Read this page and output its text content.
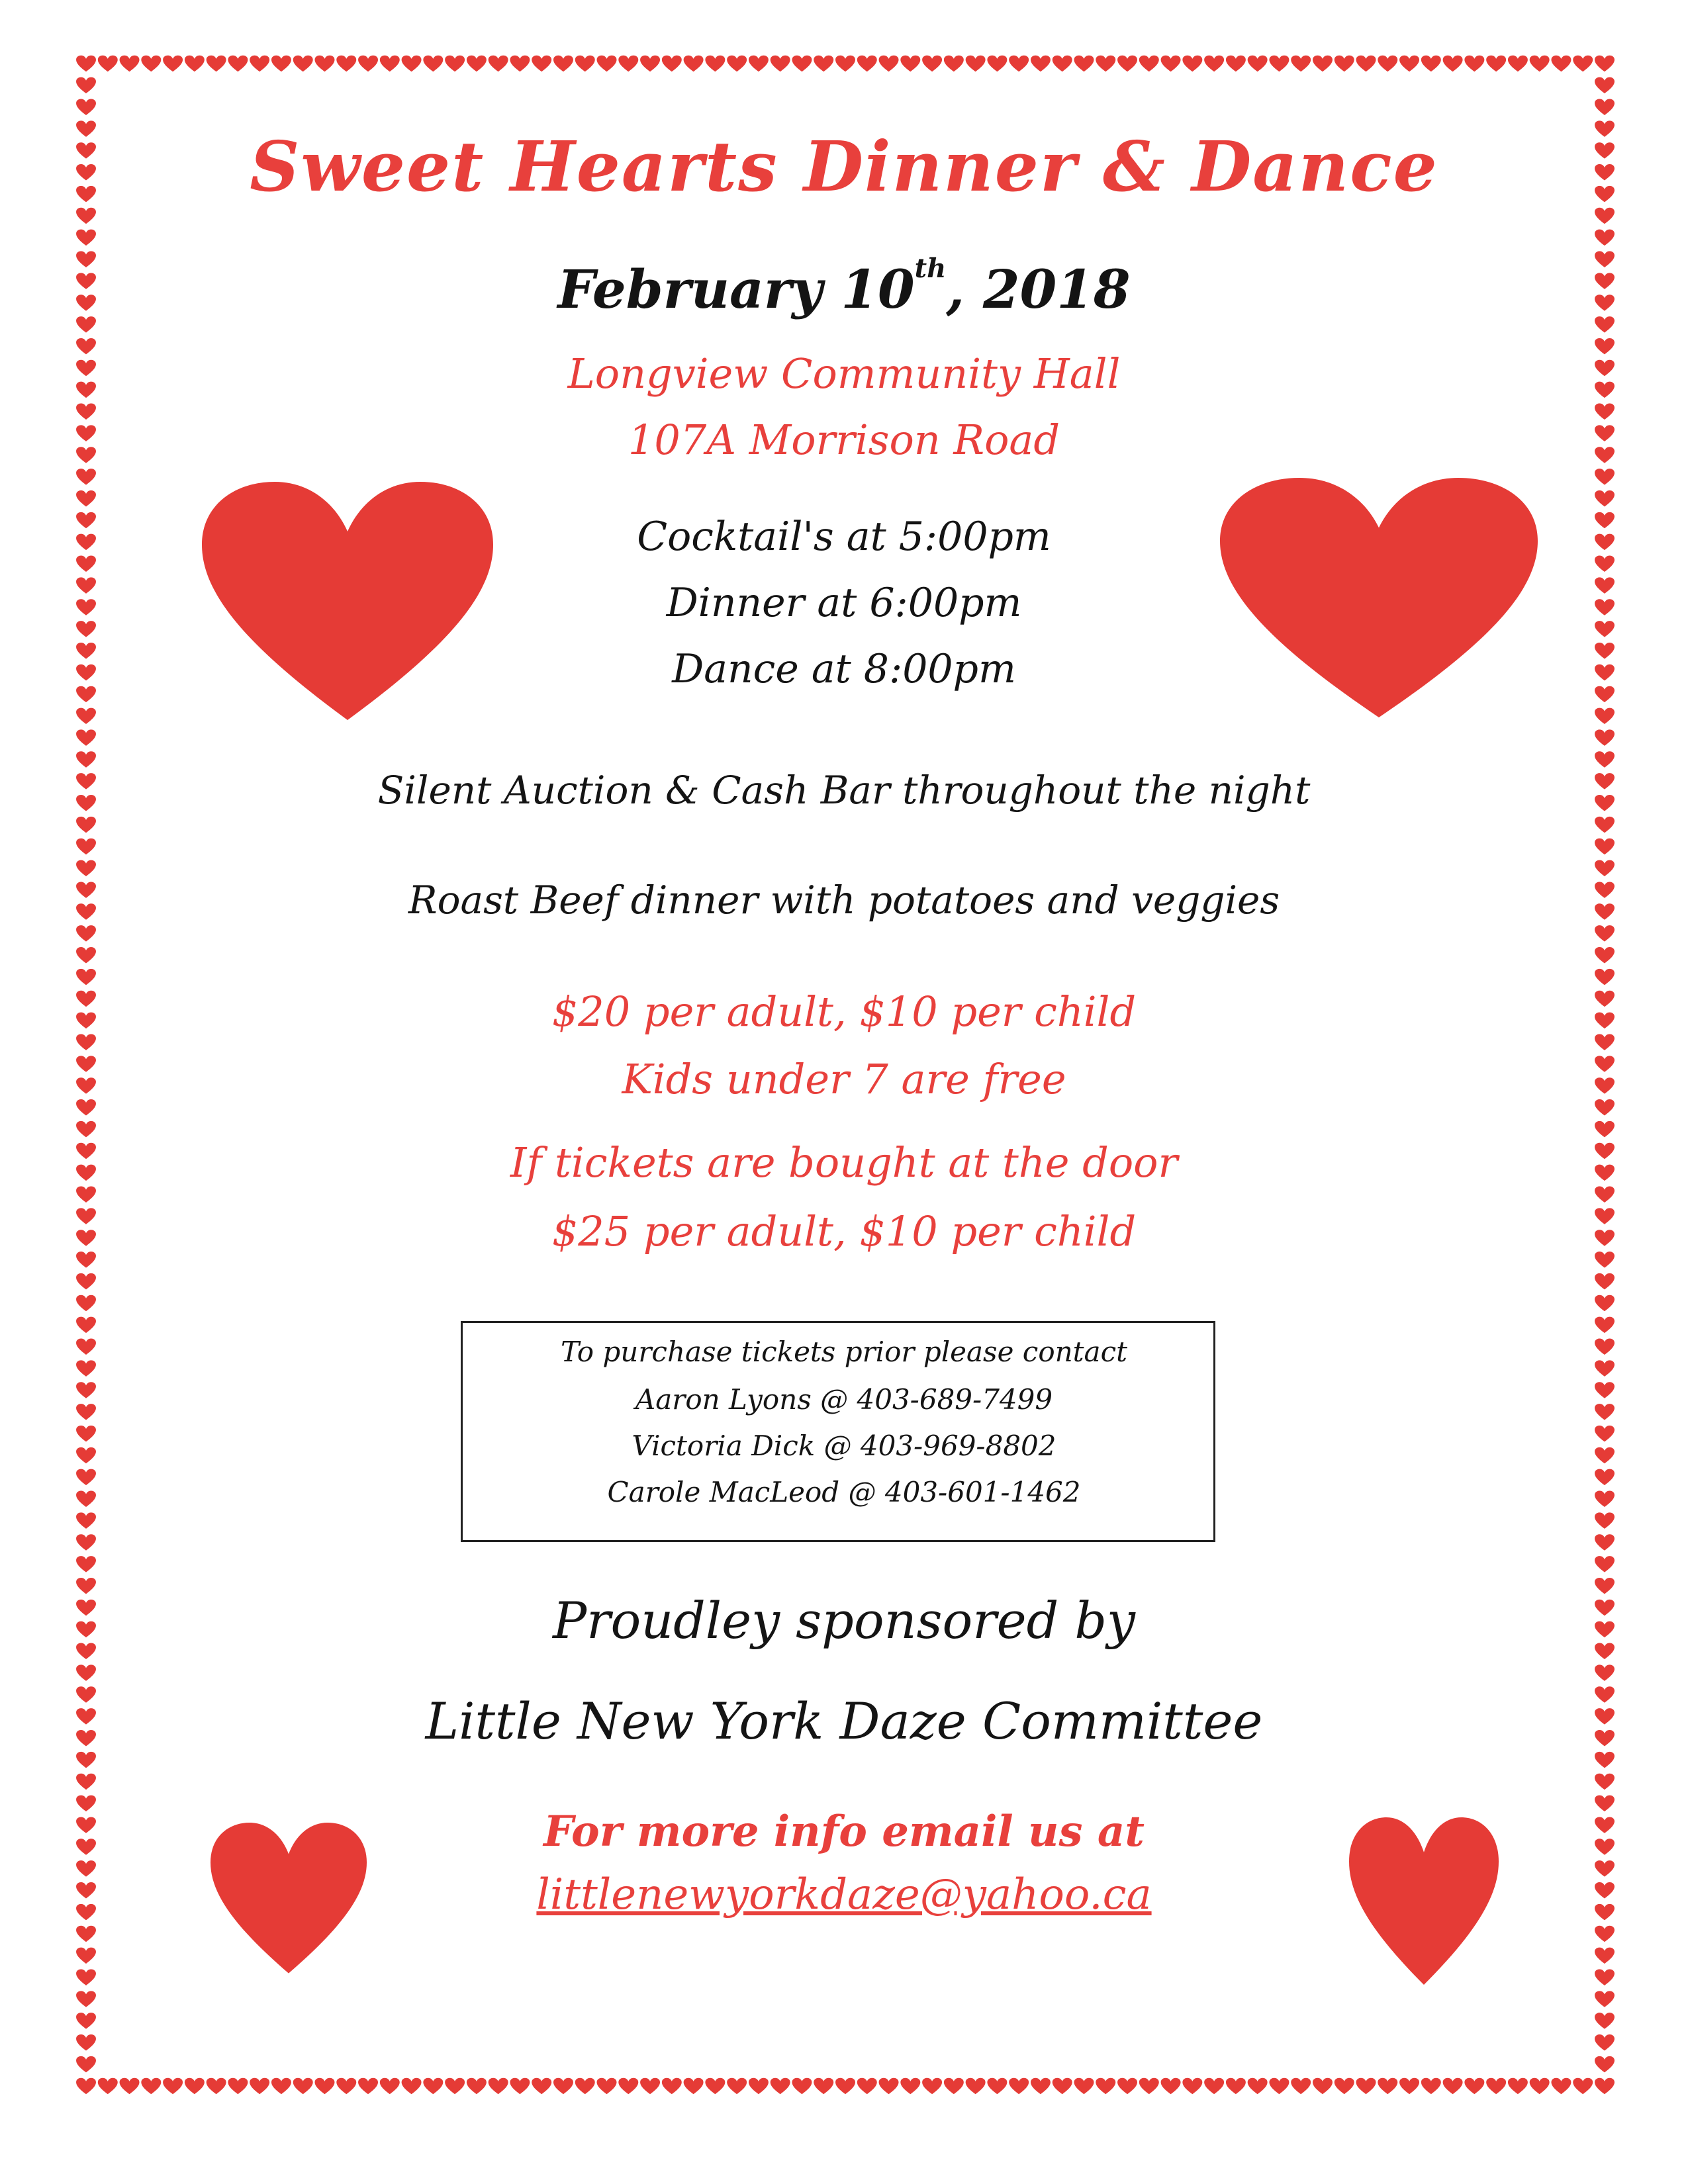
Sweet Hearts Dinner & Dance
February 10th, 2018
Longview Community Hall
107A Morrison Road
Cocktail's at 5:00pm
Dinner at 6:00pm
Dance at 8:00pm
Silent Auction & Cash Bar throughout the night
Roast Beef dinner with potatoes and veggies
$20 per adult, $10 per child
Kids under 7 are free
If tickets are bought at the door
$25 per adult, $10 per child
To purchase tickets prior please contact
Aaron Lyons @ 403-689-7499
Victoria Dick @ 403-969-8802
Carole MacLeod @ 403-601-1462
Proudley sponsored by
Little New York Daze Committee
For more info email us at
littlenewyorkdaze@yahoo.ca
